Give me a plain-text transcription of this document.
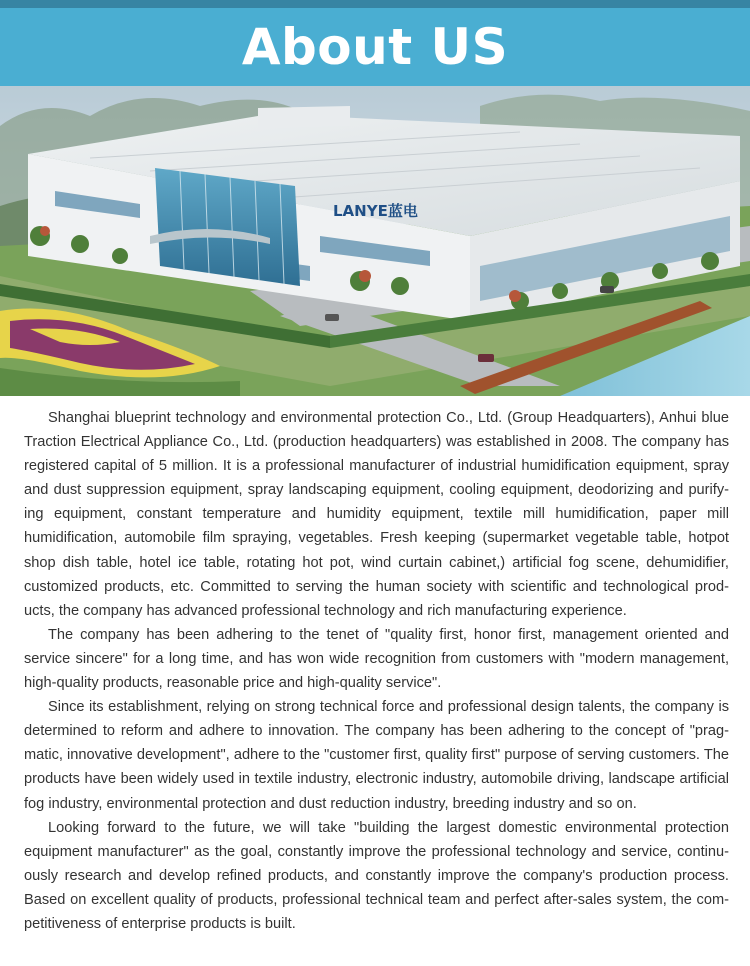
About US
LANYE蓝电

Shanghai blueprint technology and environmental protection Co., Ltd. (Group Headquarters), Anhui blue Traction Electrical Appliance Co., Ltd. (production headquarters) was established in 2008. The company has registered capital of 5 million. It is a professional manufacturer of industrial humidification equipment, spray and dust suppression equipment, spray landscaping equipment, cooling equipment, deodorizing and purify-ing equipment, constant temperature and humidity equipment, textile mill humidification, paper mill humidification, automobile film spraying, vegetables. Fresh keeping (supermarket vegetable table, hotpot shop dish table, hotel ice table, rotating hot pot, wind curtain cabinet,) artificial fog scene, dehumidifier, customized products, etc. Committed to serving the human society with scientific and technological prod-ucts, the company has advanced professional technology and rich manufacturing experience.

The company has been adhering to the tenet of "quality first, honor first, management oriented and service sincere" for a long time, and has won wide recognition from customers with "modern management, high-quality products, reasonable price and high-quality service".

Since its establishment, relying on strong technical force and professional design talents, the company is determined to reform and adhere to innovation. The company has been adhering to the concept of "prag-matic, innovative development", adhere to the "customer first, quality first" purpose of serving customers. The products have been widely used in textile industry, electronic industry, automobile driving, landscape artificial fog industry, environmental protection and dust reduction industry, breeding industry and so on.

Looking forward to the future, we will take "building the largest domestic environmental protection equipment manufacturer" as the goal, constantly improve the professional technology and service, continu-ously research and develop refined products, and constantly improve the company's production process. Based on excellent quality of products, professional technical team and perfect after-sales system, the com-petitiveness of enterprise products is built.
